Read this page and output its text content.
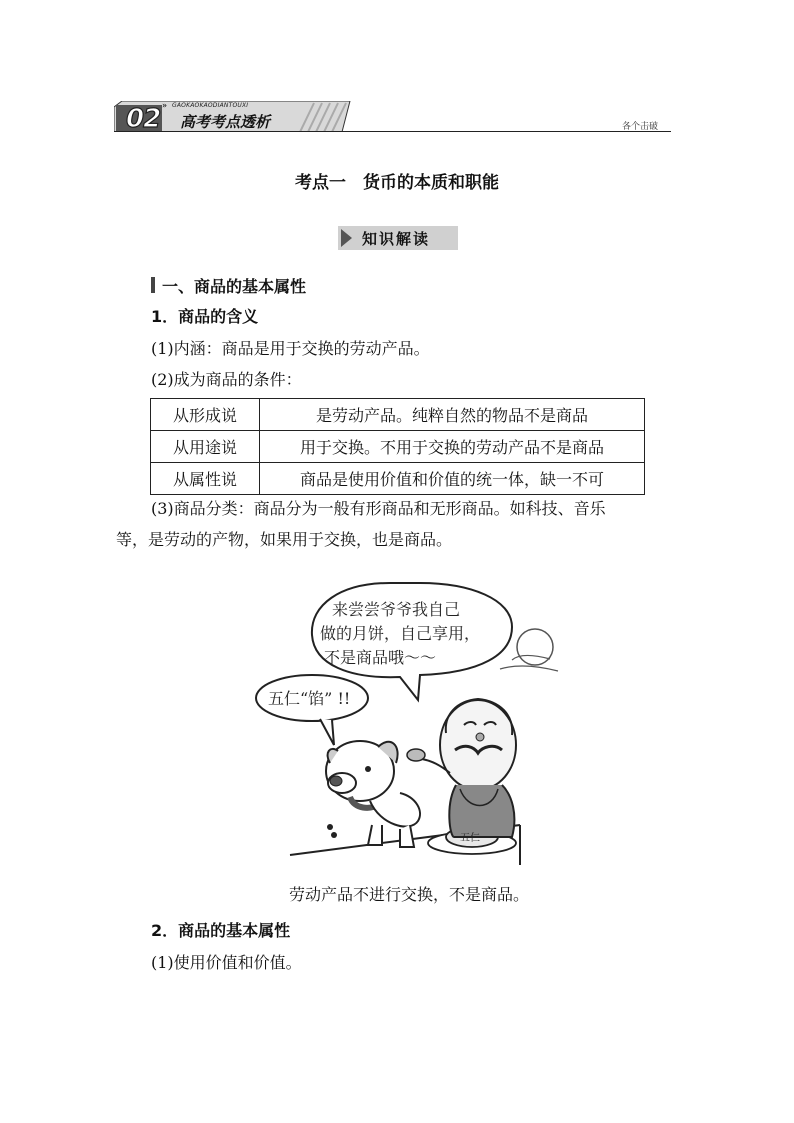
02 » GAOKAOKAODIANTOUXI
高考考点透析	各个击破
考点一　货币的本质和职能
知识解读
一、商品的基本属性
1．商品的含义
(1)内涵：商品是用于交换的劳动产品。
(2)成为商品的条件：
从形成说	是劳动产品。纯粹自然的物品不是商品
从用途说	用于交换。不用于交换的劳动产品不是商品
从属性说	商品是使用价值和价值的统一体，缺一不可
(3)商品分类：商品分为一般有形商品和无形商品。如科技、音乐
等，是劳动的产物，如果用于交换，也是商品。
来尝尝爷爷我自己
做的月饼，自己享用，
不是商品哦～～
五仁“馅” !!
五仁
劳动产品不进行交换，不是商品。
2．商品的基本属性
(1)使用价值和价值。
